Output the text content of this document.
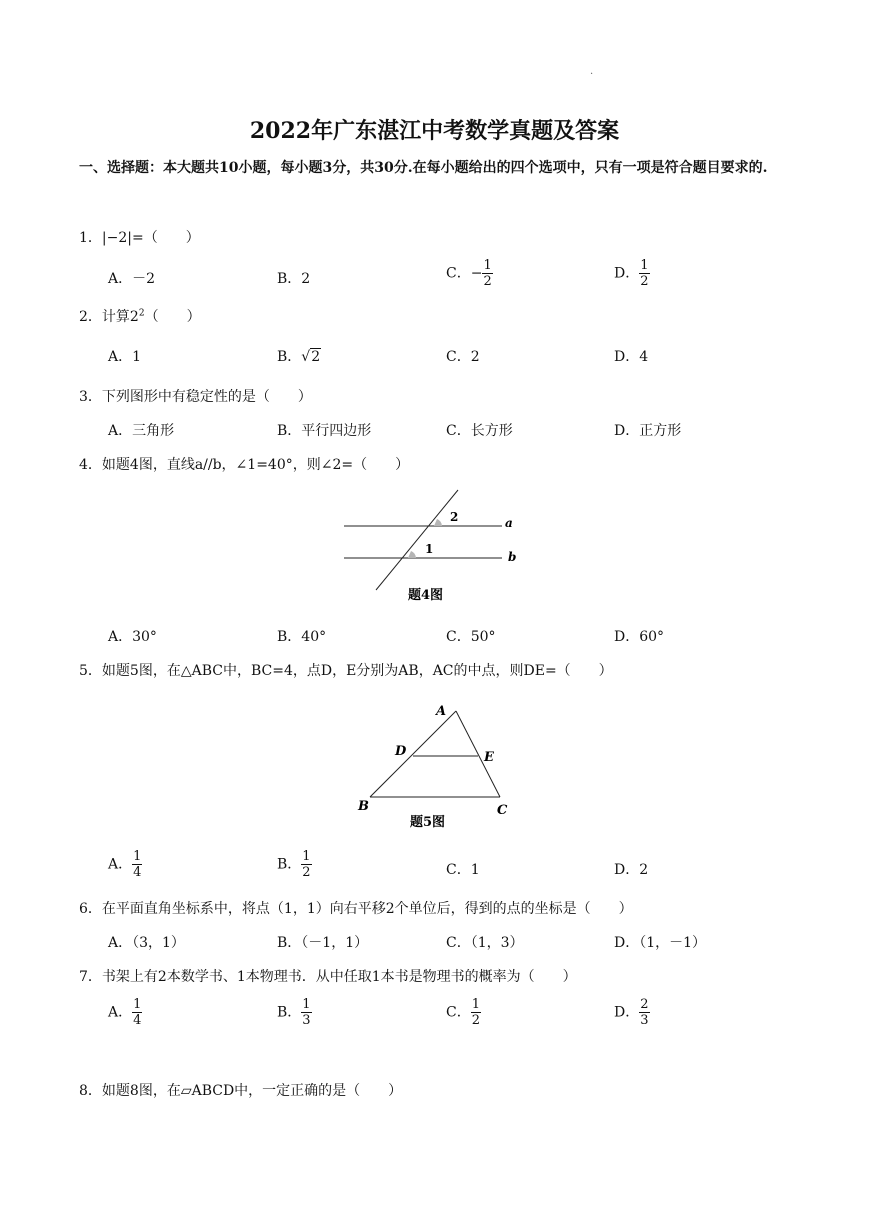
.
2022年广东湛江中考数学真题及答案
一、选择题：本大题共10小题，每小题3分，共30分.在每小题给出的四个选项中，只有一项是符合题目要求的.
1．|−2|=（　　）
A．－2	B．2	C．− $\frac{1}{2}$	D． $\frac{1}{2}$
2．计算$2^2$（　　）
A．1	B．√2	C．2	D．4
3．下列图形中有稳定性的是（　　）
A．三角形	B．平行四边形	C．长方形	D．正方形
4．如题4图，直线a//b，∠1=40°，则∠2=（　　）
2
1
a
b
题4图
A．30°	B．40°	C．50°	D．60°
5．如题5图，在△ABC中，BC=4，点D，E分别为AB，AC的中点，则DE=（　　）
A
B	C
D	E
题5图
A． $\frac{1}{4}$	B． $\frac{1}{2}$	C．1	D．2
6．在平面直角坐标系中，将点（1，1）向右平移2个单位后，得到的点的坐标是（　　）
A．（3，1）	B．（－1，1）	C．（1，3）	D．（1，－1）
7．书架上有2本数学书、1本物理书．从中任取1本书是物理书的概率为（　　）
A． $\frac{1}{4}$	B． $\frac{1}{3}$	C． $\frac{1}{2}$	D． $\frac{2}{3}$
8．如题8图，在▱ABCD中，一定正确的是（　　）
